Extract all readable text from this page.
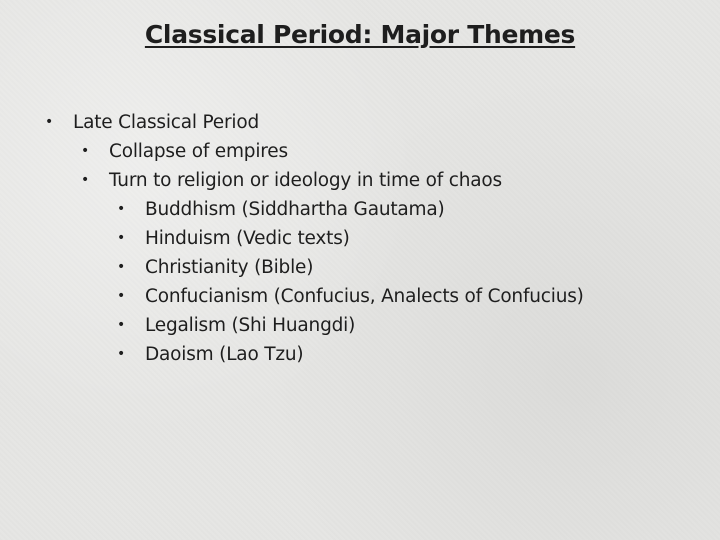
Classical Period: Major Themes
• Late Classical Period
• Collapse of empires
• Turn to religion or ideology in time of chaos
• Buddhism (Siddhartha Gautama)
• Hinduism (Vedic texts)
• Christianity (Bible)
• Confucianism (Confucius, Analects of Confucius)
• Legalism (Shi Huangdi)
• Daoism (Lao Tzu)
